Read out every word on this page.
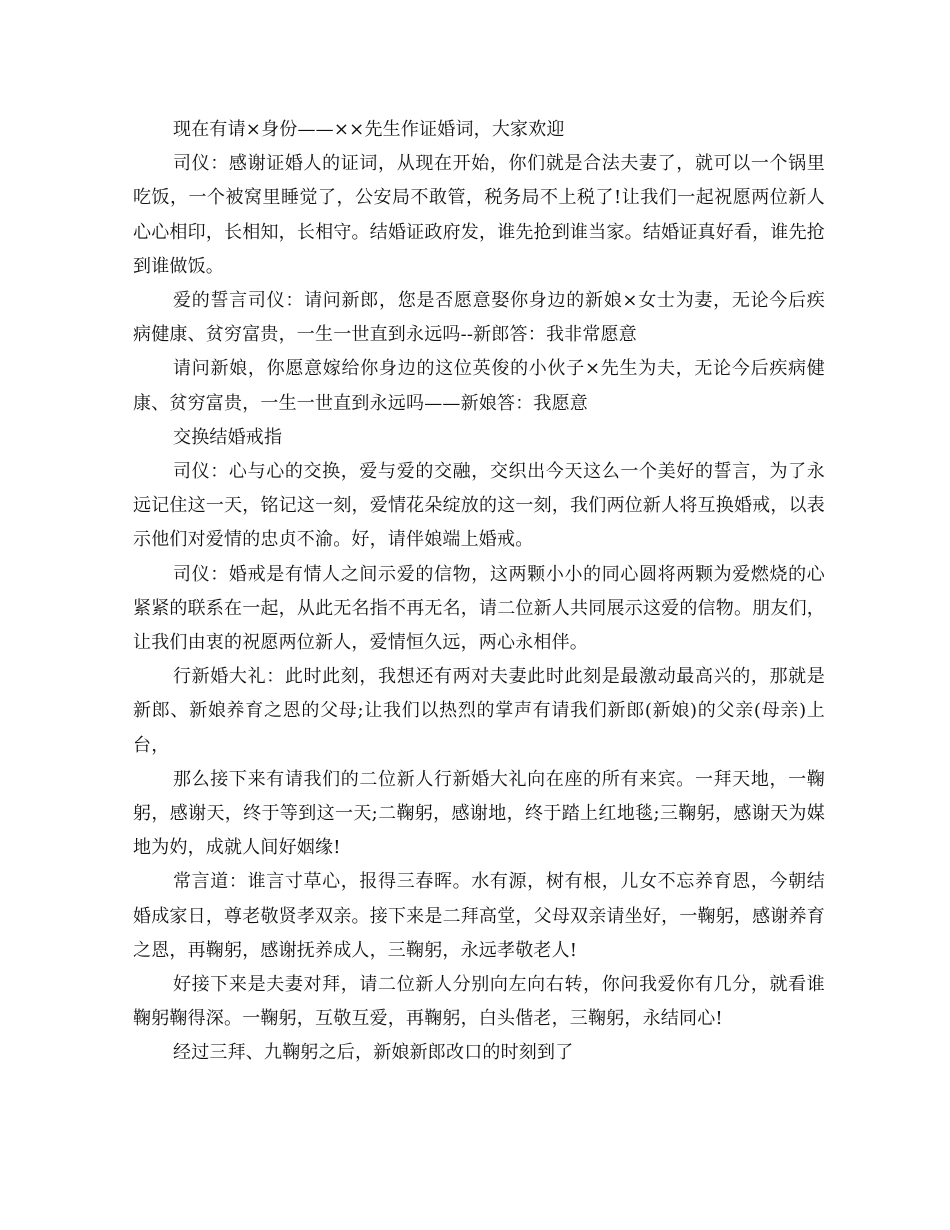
现在有请×身份——××先生作证婚词，大家欢迎

司仪：感谢证婚人的证词，从现在开始，你们就是合法夫妻了，就可以一个锅里吃饭，一个被窝里睡觉了，公安局不敢管，税务局不上税了!让我们一起祝愿两位新人心心相印，长相知，长相守。结婚证政府发，谁先抢到谁当家。结婚证真好看，谁先抢到谁做饭。

爱的誓言司仪：请问新郎，您是否愿意娶你身边的新娘×女士为妻，无论今后疾病健康、贫穷富贵，一生一世直到永远吗--新郎答：我非常愿意

请问新娘，你愿意嫁给你身边的这位英俊的小伙子×先生为夫，无论今后疾病健康、贫穷富贵，一生一世直到永远吗——新娘答：我愿意

交换结婚戒指

司仪：心与心的交换，爱与爱的交融，交织出今天这么一个美好的誓言，为了永远记住这一天，铭记这一刻，爱情花朵绽放的这一刻，我们两位新人将互换婚戒，以表示他们对爱情的忠贞不渝。好，请伴娘端上婚戒。

司仪：婚戒是有情人之间示爱的信物，这两颗小小的同心圆将两颗为爱燃烧的心紧紧的联系在一起，从此无名指不再无名，请二位新人共同展示这爱的信物。朋友们，让我们由衷的祝愿两位新人，爱情恒久远，两心永相伴。

行新婚大礼：此时此刻，我想还有两对夫妻此时此刻是最激动最高兴的，那就是新郎、新娘养育之恩的父母;让我们以热烈的掌声有请我们新郎(新娘)的父亲(母亲)上台，

那么接下来有请我们的二位新人行新婚大礼向在座的所有来宾。一拜天地，一鞠躬，感谢天，终于等到这一天;二鞠躬，感谢地，终于踏上红地毯;三鞠躬，感谢天为媒地为妁，成就人间好姻缘!

常言道：谁言寸草心，报得三春晖。水有源，树有根，儿女不忘养育恩，今朝结婚成家日，尊老敬贤孝双亲。接下来是二拜高堂，父母双亲请坐好，一鞠躬，感谢养育之恩，再鞠躬，感谢抚养成人，三鞠躬，永远孝敬老人!

好接下来是夫妻对拜，请二位新人分别向左向右转，你问我爱你有几分，就看谁鞠躬鞠得深。一鞠躬，互敬互爱，再鞠躬，白头偕老，三鞠躬，永结同心!

经过三拜、九鞠躬之后，新娘新郎改口的时刻到了
